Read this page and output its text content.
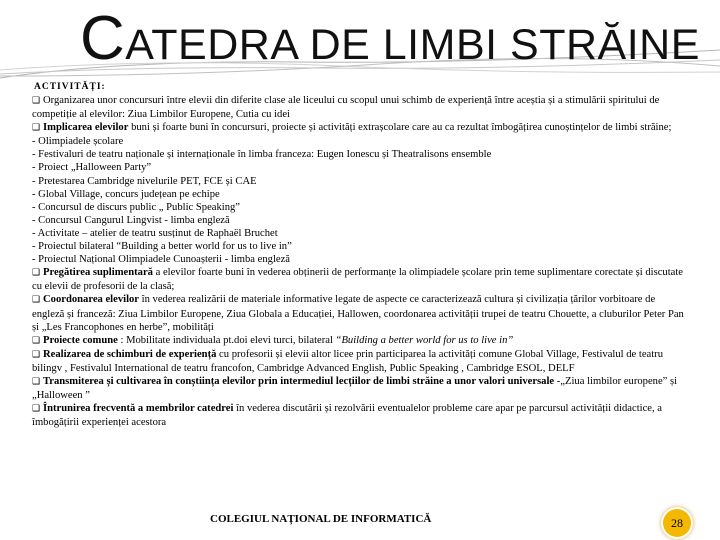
CATEDRA DE LIMBI STRĂINE
ACTIVITĂȚI:

❑ Organizarea unor concursuri între elevii din diferite clase ale liceului cu scopul unui schimb de experiență între aceștia și a stimulării spiritului de competiție al elevilor: Ziua Limbilor Europene, Cutia cu idei

❑ Implicarea elevilor buni și foarte buni în concursuri, proiecte și activități extrașcolare care au ca rezultat îmbogățirea cunoștințelor de limbi străine;

- Olimpiadele școlare

- Festivaluri de teatru naționale și internaționale în limba franceza: Eugen Ionescu și Theatralisons ensemble

- Proiect „Halloween Party”

- Pretestarea Cambridge nivelurile PET, FCE și CAE

- Global Village, concurs județean pe echipe

- Concursul de discurs public „ Public Speaking”

- Concursul Cangurul Lingvist - limba engleză

- Activitate – atelier de teatru susținut de Raphaël Bruchet

- Proiectul bilateral “Building a better world for us to live in”

- Proiectul Național Olimpiadele Cunoașterii - limba engleză

❑ Pregătirea suplimentară a elevilor foarte buni în vederea obținerii de performanțe la olimpiadele școlare prin teme suplimentare corectate și discutate cu elevii de profesorii de la clasă;

❑ Coordonarea elevilor în vederea realizării de materiale informative legate de aspecte ce caracterizează cultura și civilizația țărilor vorbitoare de engleză și franceză: Ziua Limbilor Europene, Ziua Globala a Educației, Hallowen, coordonarea activității trupei de teatru Chouette, a cluburilor Peter Pan și „Les Francophones en herbe”, mobilități

❑ Proiecte comune : Mobilitate individuala pt.doi elevi turci, bilateral “Building a better world for us to live in”

❑ Realizarea de schimburi de experiență cu profesorii și elevii altor licee prin participarea la activități comune Global Village, Festivalul de teatru bilingv , Festivalul International de teatru francofon, Cambridge Advanced English, Public Speaking , Cambridge ESOL, DELF

❑ Transmiterea și cultivarea în conștiința elevilor prin intermediul lecțiilor de limbi străine a unor valori universale -„Ziua limbilor europene” și „Halloween ”

❑ Întrunirea frecventă a membrilor catedrei în vederea discutării și rezolvării eventualelor probleme care apar pe parcursul activității didactice, a îmbogățirii experienței acestora

COLEGIUL NAȚIONAL DE INFORMATICĂ	28
